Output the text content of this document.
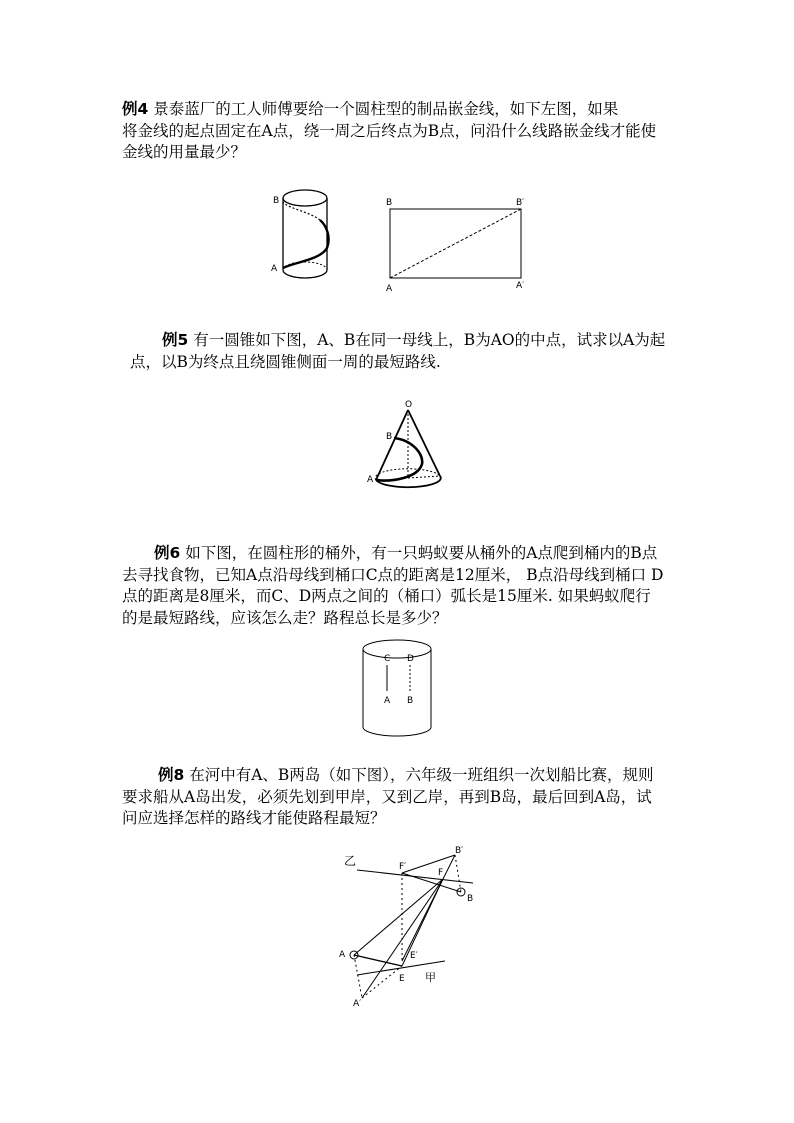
例4 景泰蓝厂的工人师傅要给一个圆柱型的制品嵌金线，如下左图，如果
将金线的起点固定在A点，绕一周之后终点为B点，问沿什么线路嵌金线才能使
金线的用量最少？

B
A
B	B′
A	A′

例5 有一圆锥如下图，A、B在同一母线上，B为AO的中点，试求以A为起
点，以B为终点且绕圆锥侧面一周的最短路线.

O
B
A

例6 如下图，在圆柱形的桶外，有一只蚂蚁要从桶外的A点爬到桶内的B点
去寻找食物，已知A点沿母线到桶口C点的距离是12厘米， B点沿母线到桶口 D
点的距离是8厘米，而C、D两点之间的（桶口）弧长是15厘米. 如果蚂蚁爬行
的是最短路线，应该怎么走？路程总长是多少？

C D
A B

例8 在河中有A、B两岛（如下图），六年级一班组织一次划船比赛，规则
要求船从A岛出发，必须先划到甲岸，又到乙岸，再到B岛，最后回到A岛，试
问应选择怎样的路线才能使路程最短？

乙
甲
F′
F
B′
B
A
A′
E
E′
